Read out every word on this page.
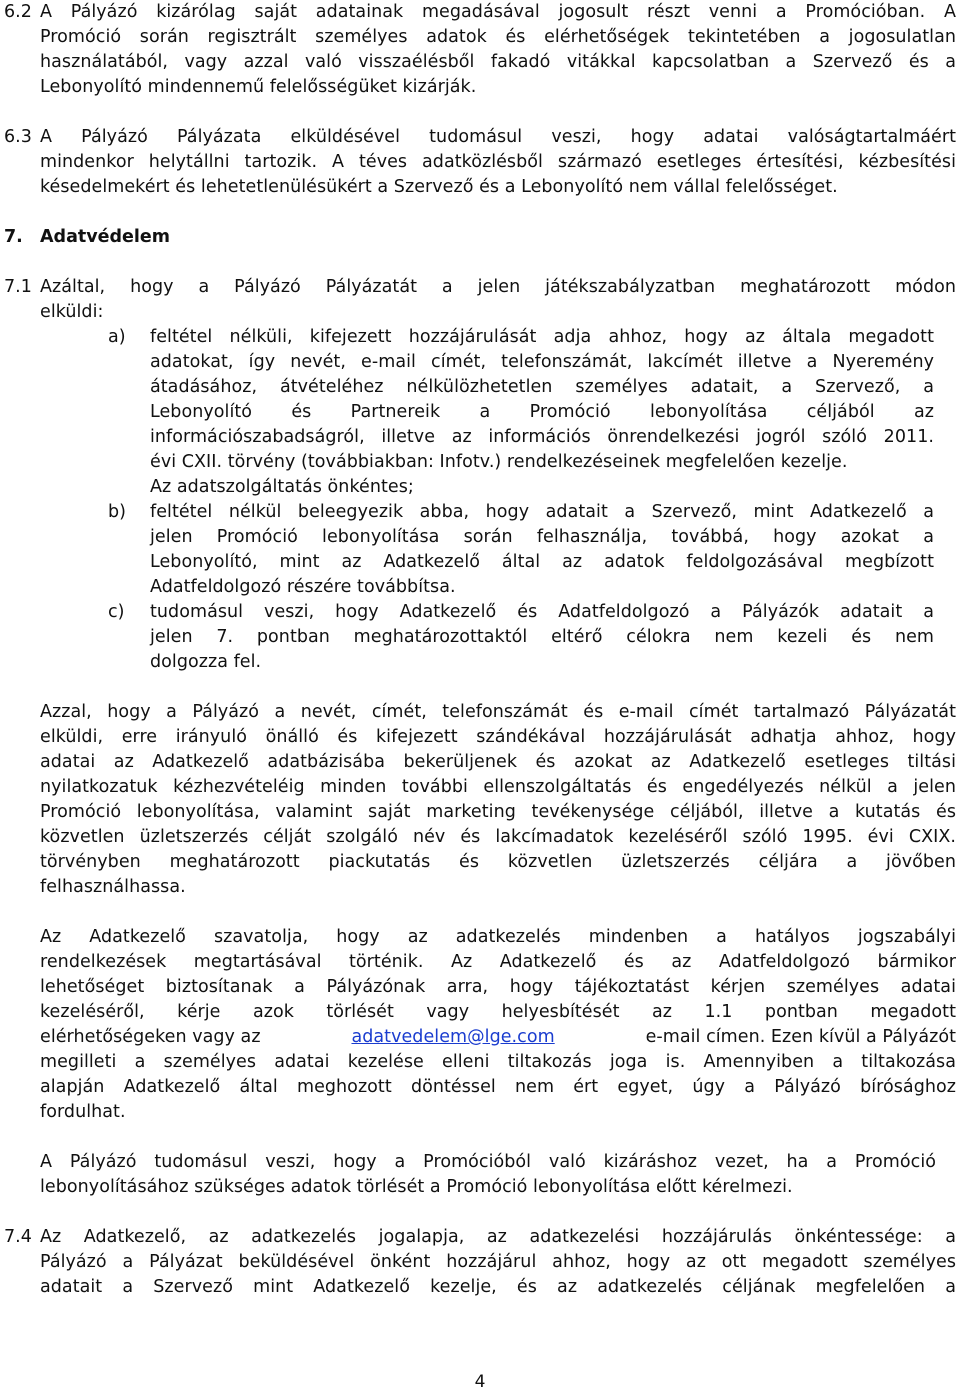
6.2 A Pályázó kizárólag saját adatainak megadásával jogosult részt venni a Promócióban. A
Promóció során regisztrált személyes adatok és elérhetőségek tekintetében a jogosulatlan
használatából, vagy azzal való visszaélésből fakadó vitákkal kapcsolatban a Szervező és a
Lebonyolító mindennemű felelősségüket kizárják.
6.3 A Pályázó Pályázata elküldésével tudomásul veszi, hogy adatai valóságtartalmáért
mindenkor helytállni tartozik. A téves adatközlésből származó esetleges értesítési, kézbesítési
késedelmekért és lehetetlenülésükért a Szervező és a Lebonyolító nem vállal felelősséget.
7. Adatvédelem
7.1 Azáltal, hogy a Pályázó Pályázatát a jelen játékszabályzatban meghatározott módon
elküldi:
a) feltétel nélküli, kifejezett hozzájárulását adja ahhoz, hogy az általa megadott
adatokat, így nevét, e-mail címét, telefonszámát, lakcímét illetve a Nyeremény
átadásához, átvételéhez nélkülözhetetlen személyes adatait, a Szervező, a
Lebonyolító és Partnereik a Promóció lebonyolítása céljából az
információszabadságról, illetve az információs önrendelkezési jogról szóló 2011.
évi CXII. törvény (továbbiakban: Infotv.) rendelkezéseinek megfelelően kezelje.
Az adatszolgáltatás önkéntes;
b) feltétel nélkül beleegyezik abba, hogy adatait a Szervező, mint Adatkezelő a
jelen Promóció lebonyolítása során felhasználja, továbbá, hogy azokat a
Lebonyolító, mint az Adatkezelő által az adatok feldolgozásával megbízott
Adatfeldolgozó részére továbbítsa.
c) tudomásul veszi, hogy Adatkezelő és Adatfeldolgozó a Pályázók adatait a
jelen 7. pontban meghatározottaktól eltérő célokra nem kezeli és nem
dolgozza fel.
Azzal, hogy a Pályázó a nevét, címét, telefonszámát és e-mail címét tartalmazó Pályázatát
elküldi, erre irányuló önálló és kifejezett szándékával hozzájárulását adhatja ahhoz, hogy
adatai az Adatkezelő adatbázisába bekerüljenek és azokat az Adatkezelő esetleges tiltási
nyilatkozatuk kézhezvételéig minden további ellenszolgáltatás és engedélyezés nélkül a jelen
Promóció lebonyolítása, valamint saját marketing tevékenysége céljából, illetve a kutatás és
közvetlen üzletszerzés célját szolgáló név és lakcímadatok kezeléséről szóló 1995. évi CXIX.
törvényben meghatározott piackutatás és közvetlen üzletszerzés céljára a jövőben
felhasználhassa.
Az Adatkezelő szavatolja, hogy az adatkezelés mindenben a hatályos jogszabályi
rendelkezések megtartásával történik. Az Adatkezelő és az Adatfeldolgozó bármikor
lehetőséget biztosítanak a Pályázónak arra, hogy tájékoztatást kérjen személyes adatai
kezeléséről, kérje azok törlését vagy helyesbítését az 1.1 pontban megadott
elérhetőségeken vagy az	adatvedelem@lge.com	e-mail címen. Ezen kívül a Pályázót
megilleti a személyes adatai kezelése elleni tiltakozás joga is. Amennyiben a tiltakozása
alapján Adatkezelő által meghozott döntéssel nem ért egyet, úgy a Pályázó bírósághoz
fordulhat.
A Pályázó tudomásul veszi, hogy a Promócióból való kizáráshoz vezet, ha a Promóció
lebonyolításához szükséges adatok törlését a Promóció lebonyolítása előtt kérelmezi.
7.4 Az Adatkezelő, az adatkezelés jogalapja, az adatkezelési hozzájárulás önkéntessége: a
Pályázó a Pályázat beküldésével önként hozzájárul ahhoz, hogy az ott megadott személyes
adatait a Szervező mint Adatkezelő kezelje, és az adatkezelés céljának megfelelően a
4
